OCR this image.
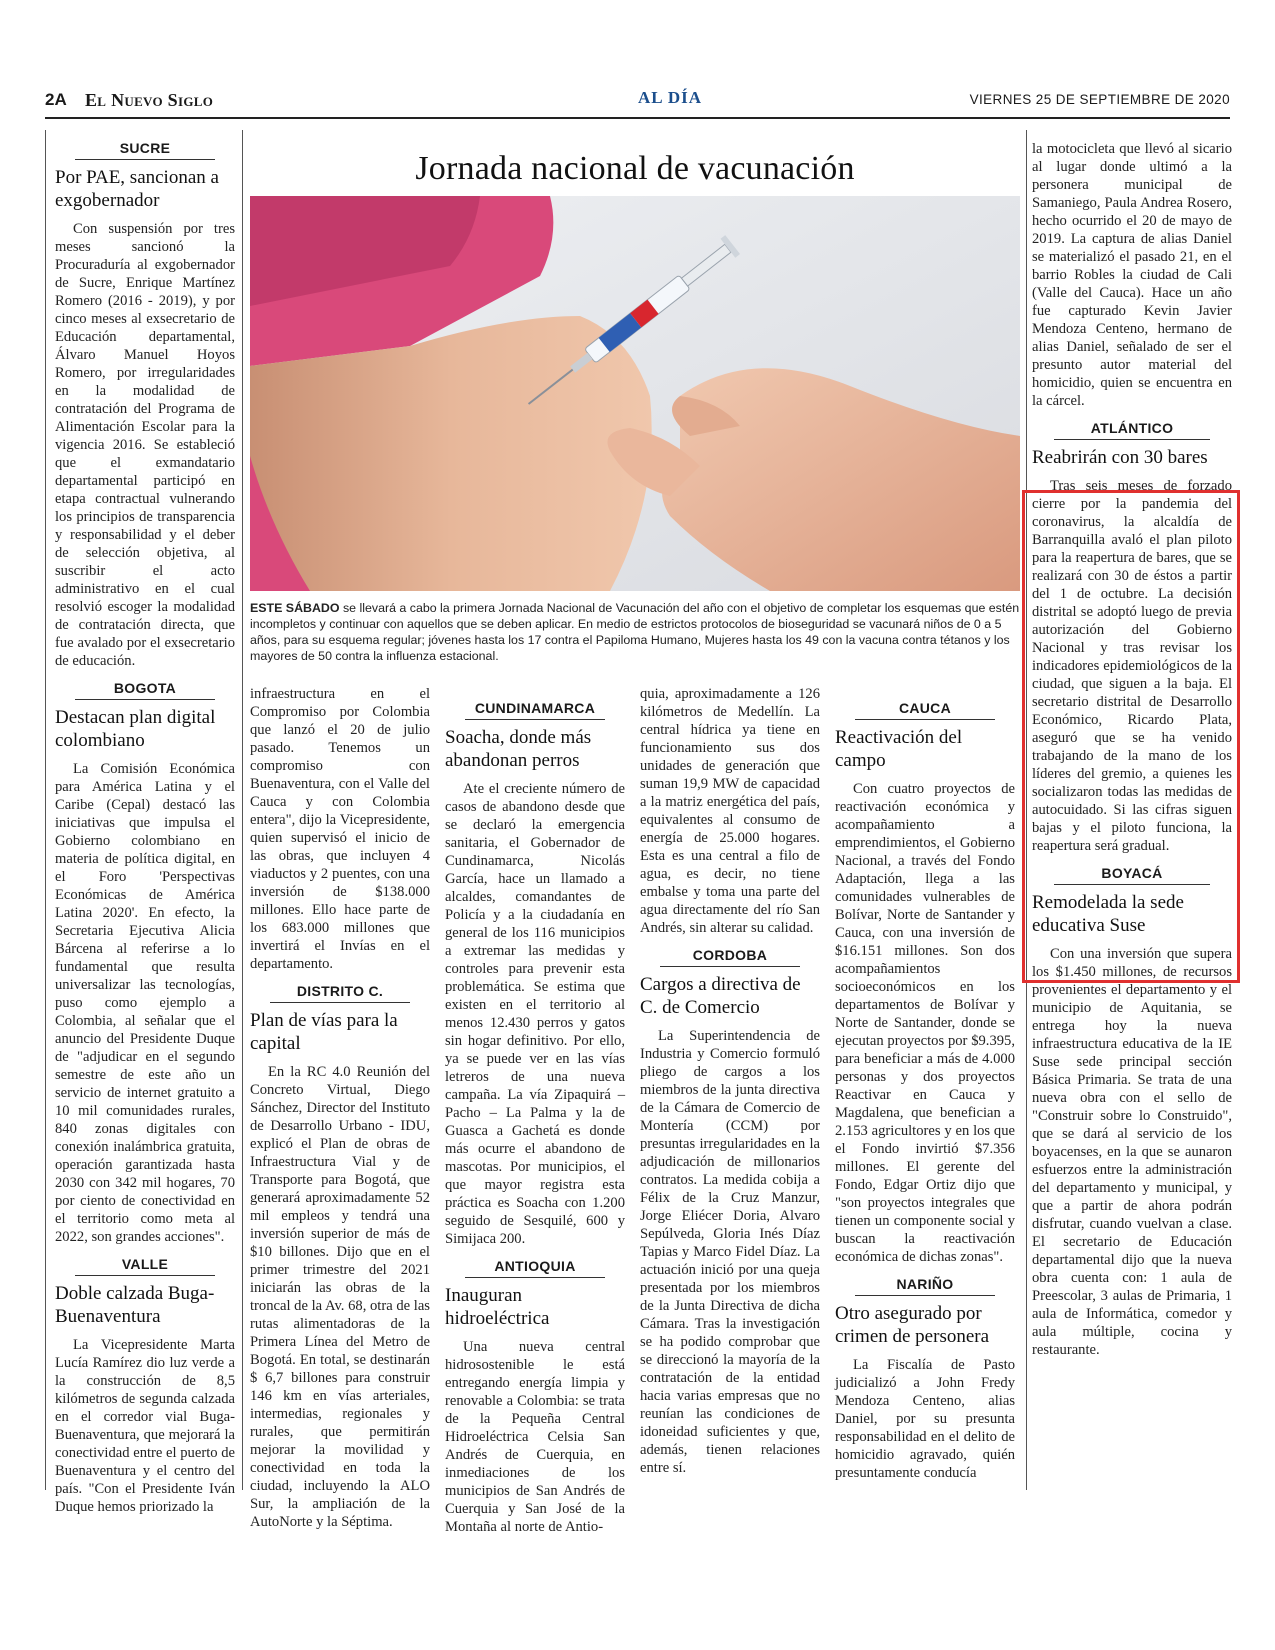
2A El Nuevo Siglo	AL DÍA	VIERNES 25 DE SEPTIEMBRE DE 2020
SUCRE
Por PAE, sancionan a exgobernador

Con suspensión por tres meses sancionó la Procuraduría al exgobernador de Sucre, Enrique Martínez Romero (2016 - 2019), y por cinco meses al exsecretario de Educación departamental, Álvaro Manuel Hoyos Romero, por irregularidades en la modalidad de contratación del Programa de Alimentación Escolar para la vigencia 2016. Se estableció que el exmandatario departamental participó en etapa contractual vulnerando los principios de transparencia y responsabilidad y el deber de selección objetiva, al suscribir el acto administrativo en el cual resolvió escoger la modalidad de contratación directa, que fue avalado por el exsecretario de educación.

BOGOTA
Destacan plan digital colombiano

La Comisión Económica para América Latina y el Caribe (Cepal) destacó las iniciativas que impulsa el Gobierno colombiano en materia de política digital, en el Foro 'Perspectivas Económicas de América Latina 2020'. En efecto, la Secretaria Ejecutiva Alicia Bárcena al referirse a lo fundamental que resulta universalizar las tecnologías, puso como ejemplo a Colombia, al señalar que el anuncio del Presidente Duque de "adjudicar en el segundo semestre de este año un servicio de internet gratuito a 10 mil comunidades rurales, 840 zonas digitales con conexión inalámbrica gratuita, operación garantizada hasta 2030 con 342 mil hogares, 70 por ciento de conectividad en el territorio como meta al 2022, son grandes acciones".

VALLE
Doble calzada Buga-Buenaventura

La Vicepresidente Marta Lucía Ramírez dio luz verde a la construcción de 8,5 kilómetros de segunda calzada en el corredor vial Buga-Buenaventura, que mejorará la conectividad entre el puerto de Buenaventura y el centro del país. "Con el Presidente Iván Duque hemos priorizado la

Jornada nacional de vacunación

ESTE SÁBADO se llevará a cabo la primera Jornada Nacional de Vacunación del año con el objetivo de completar los esquemas que estén incompletos y continuar con aquellos que se deben aplicar. En medio de estrictos protocolos de bioseguridad se vacunará niños de 0 a 5 años, para su esquema regular; jóvenes hasta los 17 contra el Papiloma Humano, Mujeres hasta los 49 con la vacuna contra tétanos y los mayores de 50 contra la influenza estacional.

infraestructura en el Compromiso por Colombia que lanzó el 20 de julio pasado. Tenemos un compromiso con Buenaventura, con el Valle del Cauca y con Colombia entera", dijo la Vicepresidente, quien supervisó el inicio de las obras, que incluyen 4 viaductos y 2 puentes, con una inversión de $138.000 millones. Ello hace parte de los 683.000 millones que invertirá el Invías en el departamento.

DISTRITO C.
Plan de vías para la capital

En la RC 4.0 Reunión del Concreto Virtual, Diego Sánchez, Director del Instituto de Desarrollo Urbano - IDU, explicó el Plan de obras de Infraestructura Vial y de Transporte para Bogotá, que generará aproximadamente 52 mil empleos y tendrá una inversión superior de más de $10 billones. Dijo que en el primer trimestre del 2021 iniciarán las obras de la troncal de la Av. 68, otra de las rutas alimentadoras de la Primera Línea del Metro de Bogotá. En total, se destinarán $ 6,7 billones para construir 146 km en vías arteriales, intermedias, regionales y rurales, que permitirán mejorar la movilidad y conectividad en toda la ciudad, incluyendo la ALO Sur, la ampliación de la AutoNorte y la Séptima.

CUNDINAMARCA
Soacha, donde más abandonan perros

Ate el creciente número de casos de abandono desde que se declaró la emergencia sanitaria, el Gobernador de Cundinamarca, Nicolás García, hace un llamado a alcaldes, comandantes de Policía y a la ciudadanía en general de los 116 municipios a extremar las medidas y controles para prevenir esta problemática. Se estima que existen en el territorio al menos 12.430 perros y gatos sin hogar definitivo. Por ello, ya se puede ver en las vías letreros de una nueva campaña. La vía Zipaquirá – Pacho – La Palma y la de Guasca a Gachetá es donde más ocurre el abandono de mascotas. Por municipios, el que mayor registra esta práctica es Soacha con 1.200 seguido de Sesquilé, 600 y Simijaca 200.

ANTIOQUIA
Inauguran hidroeléctrica

Una nueva central hidrosostenible le está entregando energía limpia y renovable a Colombia: se trata de la Pequeña Central Hidroeléctrica Celsia San Andrés de Cuerquia, en inmediaciones de los municipios de San Andrés de Cuerquia y San José de la Montaña al norte de Antio-

quia, aproximadamente a 126 kilómetros de Medellín. La central hídrica ya tiene en funcionamiento sus dos unidades de generación que suman 19,9 MW de capacidad a la matriz energética del país, equivalentes al consumo de energía de 25.000 hogares. Esta es una central a filo de agua, es decir, no tiene embalse y toma una parte del agua directamente del río San Andrés, sin alterar su calidad.

CORDOBA
Cargos a directiva de C. de Comercio

La Superintendencia de Industria y Comercio formuló pliego de cargos a los miembros de la junta directiva de la Cámara de Comercio de Montería (CCM) por presuntas irregularidades en la adjudicación de millonarios contratos. La medida cobija a Félix de la Cruz Manzur, Jorge Eliécer Doria, Alvaro Sepúlveda, Gloria Inés Díaz Tapias y Marco Fidel Díaz. La actuación inició por una queja presentada por los miembros de la Junta Directiva de dicha Cámara. Tras la investigación se ha podido comprobar que se direccionó la mayoría de la contratación de la entidad hacia varias empresas que no reunían las condiciones de idoneidad suficientes y que, además, tienen relaciones entre sí.

CAUCA
Reactivación del campo

Con cuatro proyectos de reactivación económica y acompañamiento a emprendimientos, el Gobierno Nacional, a través del Fondo Adaptación, llega a las comunidades vulnerables de Bolívar, Norte de Santander y Cauca, con una inversión de $16.151 millones. Son dos acompañamientos socioeconómicos en los departamentos de Bolívar y Norte de Santander, donde se ejecutan proyectos por $9.395, para beneficiar a más de 4.000 personas y dos proyectos Reactivar en Cauca y Magdalena, que benefician a 2.153 agricultores y en los que el Fondo invirtió $7.356 millones. El gerente del Fondo, Edgar Ortiz dijo que "son proyectos integrales que tienen un componente social y buscan la reactivación económica de dichas zonas".

NARIÑO
Otro asegurado por crimen de personera

La Fiscalía de Pasto judicializó a John Fredy Mendoza Centeno, alias Daniel, por su presunta responsabilidad en el delito de homicidio agravado, quién presuntamente conducía

la motocicleta que llevó al sicario al lugar donde ultimó a la personera municipal de Samaniego, Paula Andrea Rosero, hecho ocurrido el 20 de mayo de 2019. La captura de alias Daniel se materializó el pasado 21, en el barrio Robles la ciudad de Cali (Valle del Cauca). Hace un año fue capturado Kevin Javier Mendoza Centeno, hermano de alias Daniel, señalado de ser el presunto autor material del homicidio, quien se encuentra en la cárcel.

ATLÁNTICO
Reabrirán con 30 bares

Tras seis meses de forzado cierre por la pandemia del coronavirus, la alcaldía de Barranquilla avaló el plan piloto para la reapertura de bares, que se realizará con 30 de éstos a partir del 1 de octubre. La decisión distrital se adoptó luego de previa autorización del Gobierno Nacional y tras revisar los indicadores epidemiológicos de la ciudad, que siguen a la baja. El secretario distrital de Desarrollo Económico, Ricardo Plata, aseguró que se ha venido trabajando de la mano de los líderes del gremio, a quienes les socializaron todas las medidas de autocuidado. Si las cifras siguen bajas y el piloto funciona, la reapertura será gradual.

BOYACÁ
Remodelada la sede educativa Suse

Con una inversión que supera los $1.450 millones, de recursos provenientes el departamento y el municipio de Aquitania, se entrega hoy la nueva infraestructura educativa de la IE Suse sede principal sección Básica Primaria. Se trata de una nueva obra con el sello de "Construir sobre lo Construido", que se dará al servicio de los boyacenses, en la que se aunaron esfuerzos entre la administración del departamento y municipal, y que a partir de ahora podrán disfrutar, cuando vuelvan a clase. El secretario de Educación departamental dijo que la nueva obra cuenta con: 1 aula de Preescolar, 3 aulas de Primaria, 1 aula de Informática, comedor y aula múltiple, cocina y restaurante.
